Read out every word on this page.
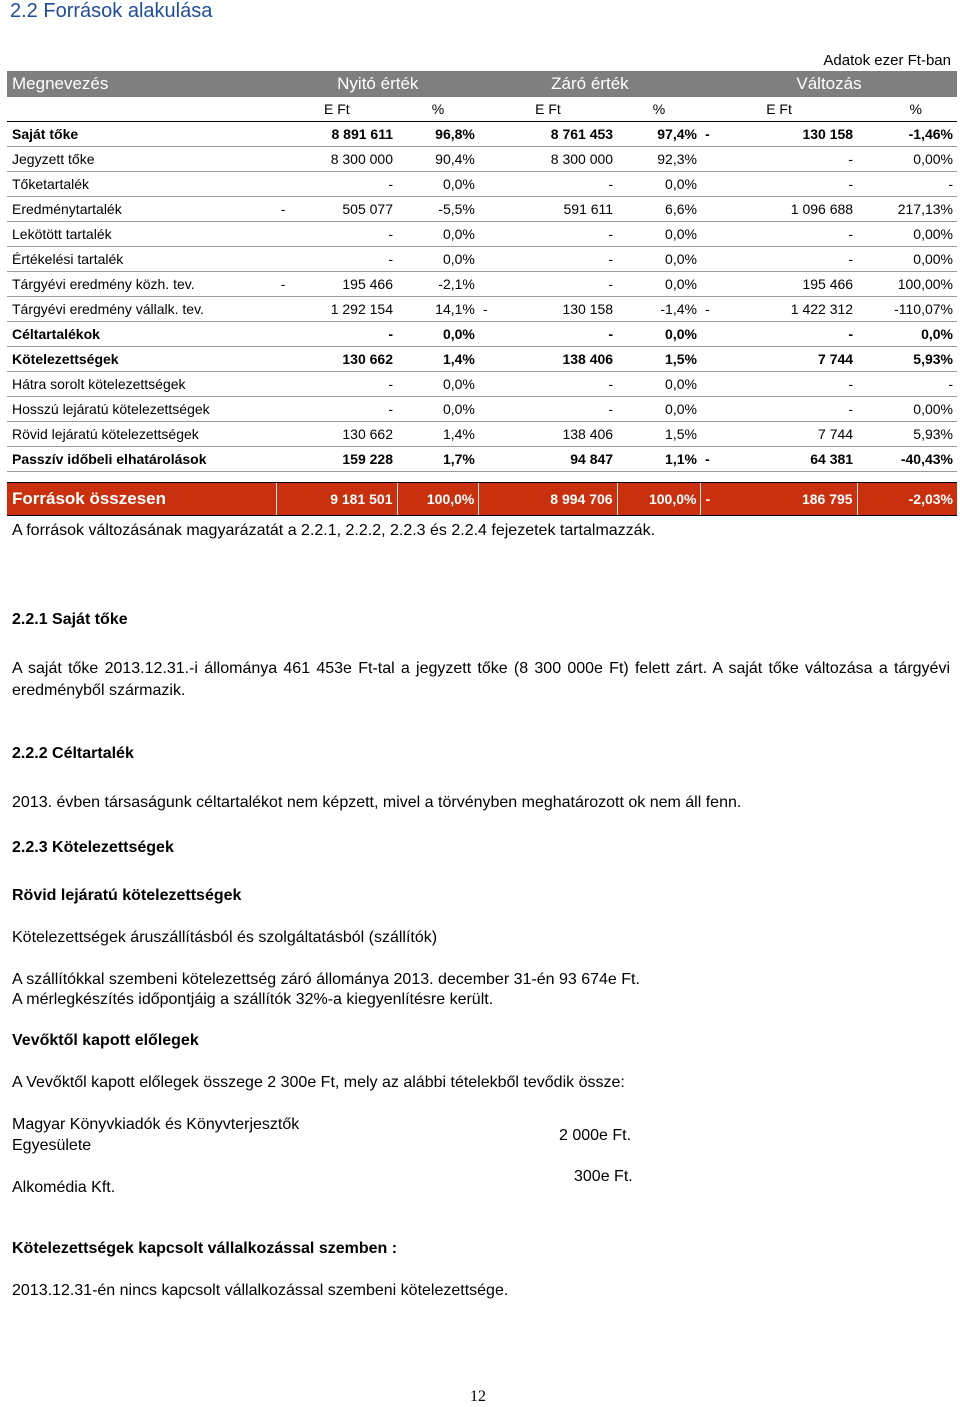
2.2 Források alakulása
Adatok ezer Ft-ban
Megnevezés	Nyitó érték			Záró érték			Változás		
	E Ft		%	E Ft		%	E Ft		%
Saját tőke		8 891 611	96,8%		8 761 453	97,4%	-	130 158	-1,46%
Jegyzett tőke		8 300 000	90,4%		8 300 000	92,3%		-	0,00%
Tőketartalék		-	0,0%		-	0,0%		-	-
Eredménytartalék	-	505 077	-5,5%		591 611	6,6%		1 096 688	217,13%
Lekötött tartalék		-	0,0%		-	0,0%		-	0,00%
Értékelési tartalék		-	0,0%		-	0,0%		-	0,00%
Tárgyévi eredmény közh. tev.	-	195 466	-2,1%		-	0,0%		195 466	100,00%
Tárgyévi eredmény vállalk. tev.		1 292 154	14,1%	-	130 158	-1,4%	-	1 422 312	-110,07%
Céltartalékok		-	0,0%		-	0,0%		-	0,0%
Kötelezettségek		130 662	1,4%		138 406	1,5%		7 744	5,93%
Hátra sorolt kötelezettségek		-	0,0%		-	0,0%		-	-
Hosszú lejáratú kötelezettségek		-	0,0%		-	0,0%		-	0,00%
Rövid lejáratú kötelezettségek		130 662	1,4%		138 406	1,5%		7 744	5,93%
Passzív időbeli elhatárolások		159 228	1,7%		94 847	1,1%	-	64 381	-40,43%

Források összesen		9 181 501	100,0%		8 994 706	100,0%	-	186 795	-2,03%
A források változásának magyarázatát a 2.2.1, 2.2.2, 2.2.3 és 2.2.4 fejezetek tartalmazzák.
2.2.1 Saját tőke
A saját tőke 2013.12.31.-i állománya 461 453e Ft-tal a jegyzett tőke (8 300 000e Ft) felett zárt. A saját tőke változása a tárgyévi eredményből származik.
2.2.2 Céltartalék
2013. évben társaságunk céltartalékot nem képzett, mivel a törvényben meghatározott ok nem áll fenn.
2.2.3 Kötelezettségek
Rövid lejáratú kötelezettségek
Kötelezettségek áruszállításból és szolgáltatásból (szállítók)
A szállítókkal szembeni kötelezettség záró állománya 2013. december 31-én 93 674e Ft.
A mérlegkészítés időpontjáig a szállítók 32%-a kiegyenlítésre került.
Vevőktől kapott előlegek
A Vevőktől kapott előlegek összege 2 300e Ft, mely az alábbi tételekből tevődik össze:
Magyar Könyvkiadók és Könyvterjesztők
Egyesülete
2 000e Ft.
Alkomédia Kft.
300e Ft.
Kötelezettségek kapcsolt vállalkozással szemben :
2013.12.31-én nincs kapcsolt vállalkozással szembeni kötelezettsége.
12
